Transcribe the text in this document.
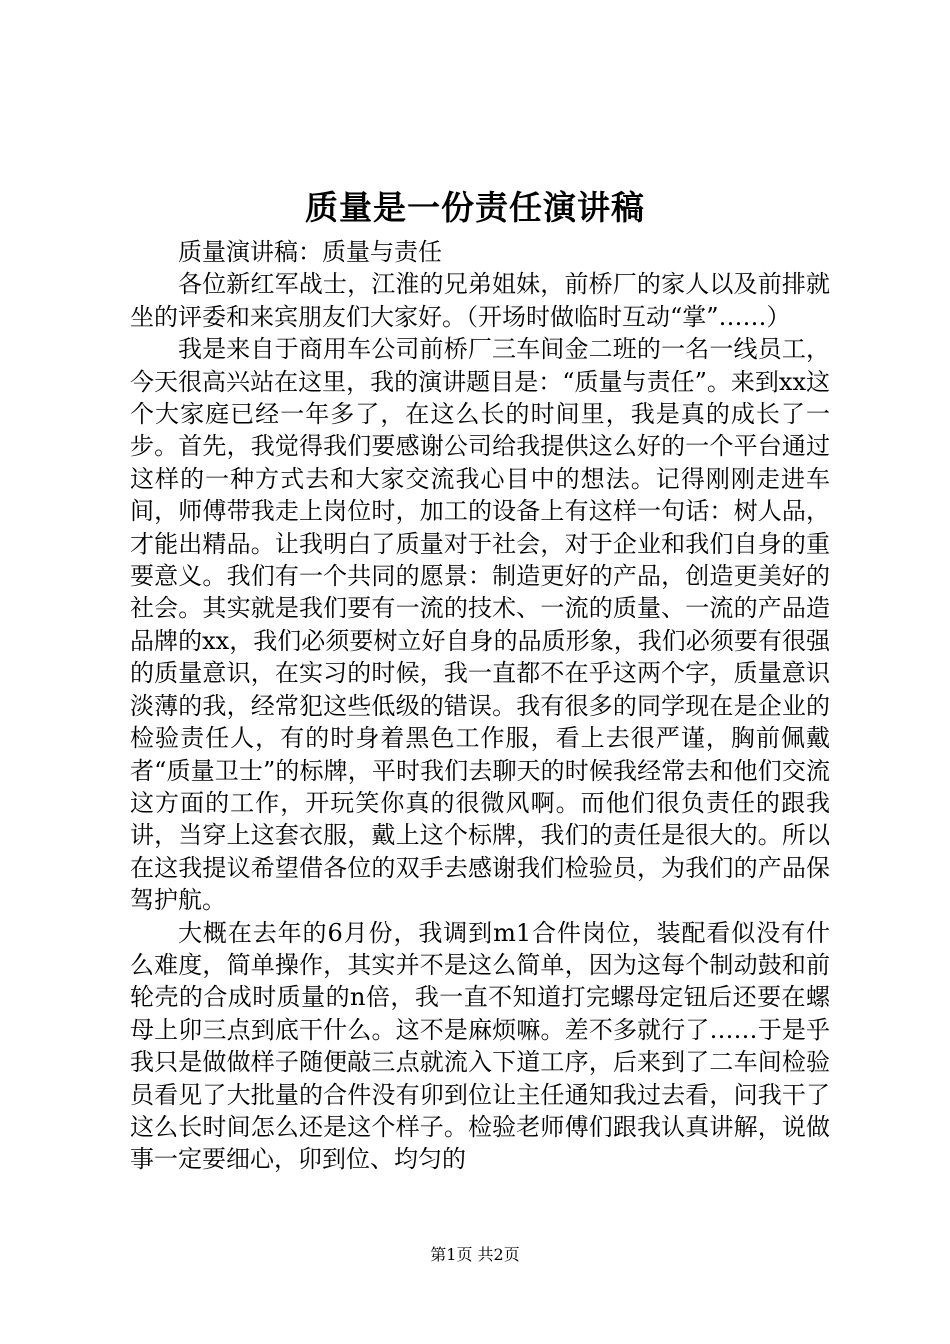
质量是一份责任演讲稿

质量演讲稿：质量与责任

各位新红军战士，江淮的兄弟姐妹，前桥厂的家人以及前排就坐的评委和来宾朋友们大家好。（开场时做临时互动“掌”……）

我是来自于商用车公司前桥厂三车间金二班的一名一线员工，今天很高兴站在这里，我的演讲题目是：“质量与责任”。来到xx这个大家庭已经一年多了，在这么长的时间里，我是真的成长了一步。首先，我觉得我们要感谢公司给我提供这么好的一个平台通过这样的一种方式去和大家交流我心目中的想法。记得刚刚走进车间，师傅带我走上岗位时，加工的设备上有这样一句话：树人品，才能出精品。让我明白了质量对于社会，对于企业和我们自身的重要意义。我们有一个共同的愿景：制造更好的产品，创造更美好的社会。其实就是我们要有一流的技术、一流的质量、一流的产品造品牌的xx，我们必须要树立好自身的品质形象，我们必须要有很强的质量意识，在实习的时候，我一直都不在乎这两个字，质量意识淡薄的我，经常犯这些低级的错误。我有很多的同学现在是企业的检验责任人，有的时身着黑色工作服，看上去很严谨，胸前佩戴者“质量卫士”的标牌，平时我们去聊天的时候我经常去和他们交流这方面的工作，开玩笑你真的很微风啊。而他们很负责任的跟我讲，当穿上这套衣服，戴上这个标牌，我们的责任是很大的。所以在这我提议希望借各位的双手去感谢我们检验员，为我们的产品保驾护航。

大概在去年的6月份，我调到m1合件岗位，装配看似没有什么难度，简单操作，其实并不是这么简单，因为这每个制动鼓和前轮壳的合成时质量的n倍，我一直不知道打完螺母定钮后还要在螺母上卯三点到底干什么。这不是麻烦嘛。差不多就行了……于是乎我只是做做样子随便敲三点就流入下道工序，后来到了二车间检验员看见了大批量的合件没有卯到位让主任通知我过去看，问我干了这么长时间怎么还是这个样子。检验老师傅们跟我认真讲解，说做事一定要细心，卯到位、均匀的

第1页 共2页
